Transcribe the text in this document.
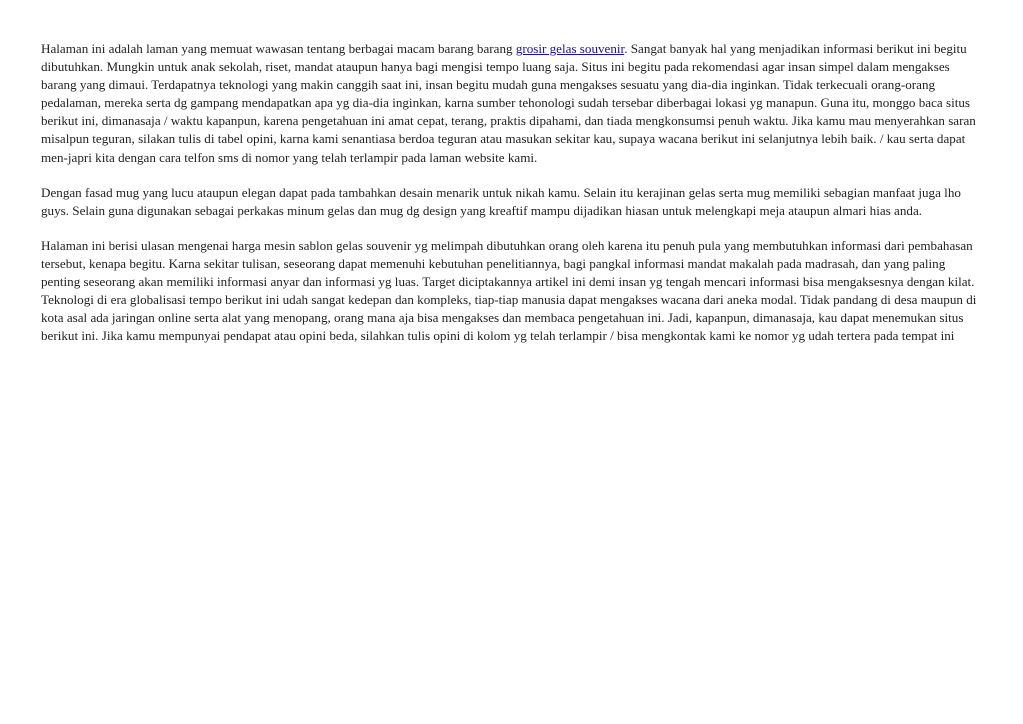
Halaman ini adalah laman yang memuat wawasan tentang berbagai macam barang barang grosir gelas souvenir. Sangat banyak hal yang menjadikan informasi berikut ini begitu dibutuhkan. Mungkin untuk anak sekolah, riset, mandat ataupun hanya bagi mengisi tempo luang saja. Situs ini begitu pada rekomendasi agar insan simpel dalam mengakses barang yang dimaui. Terdapatnya teknologi yang makin canggih saat ini, insan begitu mudah guna mengakses sesuatu yang dia-dia inginkan. Tidak terkecuali orang-orang pedalaman, mereka serta dg gampang mendapatkan apa yg dia-dia inginkan, karna sumber tehonologi sudah tersebar diberbagai lokasi yg manapun. Guna itu, monggo baca situs berikut ini, dimanasaja / waktu kapanpun, karena pengetahuan ini amat cepat, terang, praktis dipahami, dan tiada mengkonsumsi penuh waktu. Jika kamu mau menyerahkan saran misalpun teguran, silakan tulis di tabel opini, karna kami senantiasa berdoa teguran atau masukan sekitar kau, supaya wacana berikut ini selanjutnya lebih baik. / kau serta dapat men-japri kita dengan cara telfon sms di nomor yang telah terlampir pada laman website kami.

Dengan fasad mug yang lucu ataupun elegan dapat pada tambahkan desain menarik untuk nikah kamu. Selain itu kerajinan gelas serta mug memiliki sebagian manfaat juga lho guys. Selain guna digunakan sebagai perkakas minum gelas dan mug dg design yang kreaftif mampu dijadikan hiasan untuk melengkapi meja ataupun almari hias anda.

Halaman ini berisi ulasan mengenai harga mesin sablon gelas souvenir yg melimpah dibutuhkan orang oleh karena itu penuh pula yang membutuhkan informasi dari pembahasan tersebut, kenapa begitu. Karna sekitar tulisan, seseorang dapat memenuhi kebutuhan penelitiannya, bagi pangkal informasi mandat makalah pada madrasah, dan yang paling penting seseorang akan memiliki informasi anyar dan informasi yg luas. Target diciptakannya artikel ini demi insan yg tengah mencari informasi bisa mengaksesnya dengan kilat. Teknologi di era globalisasi tempo berikut ini udah sangat kedepan dan kompleks, tiap-tiap manusia dapat mengakses wacana dari aneka modal. Tidak pandang di desa maupun di kota asal ada jaringan online serta alat yang menopang, orang mana aja bisa mengakses dan membaca pengetahuan ini. Jadi, kapanpun, dimanasaja, kau dapat menemukan situs berikut ini. Jika kamu mempunyai pendapat atau opini beda, silahkan tulis opini di kolom yg telah terlampir / bisa mengkontak kami ke nomor yg udah tertera pada tempat ini
